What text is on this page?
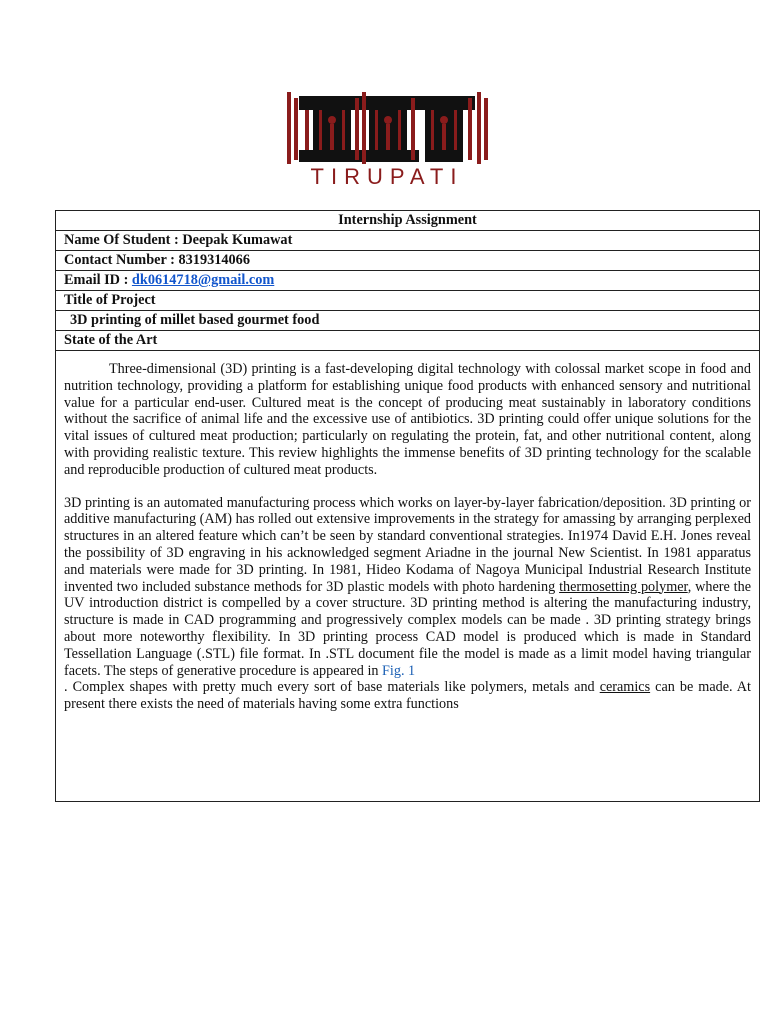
TIRUPATI
Internship Assignment
Name Of Student : Deepak Kumawat
Contact Number : 8319314066
Email ID : dk0614718@gmail.com
Title of Project
3D printing of millet based gourmet food
State of the Art

Three-dimensional (3D) printing is a fast-developing digital technology with colossal market scope in food and nutrition technology, providing a platform for establishing unique food products with enhanced sensory and nutritional value for a particular end-user. Cultured meat is the concept of producing meat sustainably in laboratory conditions without the sacrifice of animal life and the excessive use of antibiotics. 3D printing could offer unique solutions for the vital issues of cultured meat production; particularly on regulating the protein, fat, and other nutritional content, along with providing realistic texture. This review highlights the immense benefits of 3D printing technology for the scalable and reproducible production of cultured meat products.

3D printing is an automated manufacturing process which works on layer-by-layer fabrication/deposition. 3D printing or additive manufacturing (AM) has rolled out extensive improvements in the strategy for amassing by arranging perplexed structures in an altered feature which can’t be seen by standard conventional strategies. In1974 David E.H. Jones reveal the possibility of 3D engraving in his acknowledged segment Ariadne in the journal New Scientist. In 1981 apparatus and materials were made for 3D printing. In 1981, Hideo Kodama of Nagoya Municipal Industrial Research Institute invented two included substance methods for 3D plastic models with photo hardening thermosetting polymer, where the UV introduction district is compelled by a cover structure. 3D printing method is altering the manufacturing industry, structure is made in CAD programming and progressively complex models can be made . 3D printing strategy brings about more noteworthy flexibility. In 3D printing process CAD model is produced which is made in Standard Tessellation Language (.STL) file format. In .STL document file the model is made as a limit model having triangular facets. The steps of generative procedure is appeared in Fig. 1

. Complex shapes with pretty much every sort of base materials like polymers, metals and ceramics can be made. At present there exists the need of materials having some extra functions
